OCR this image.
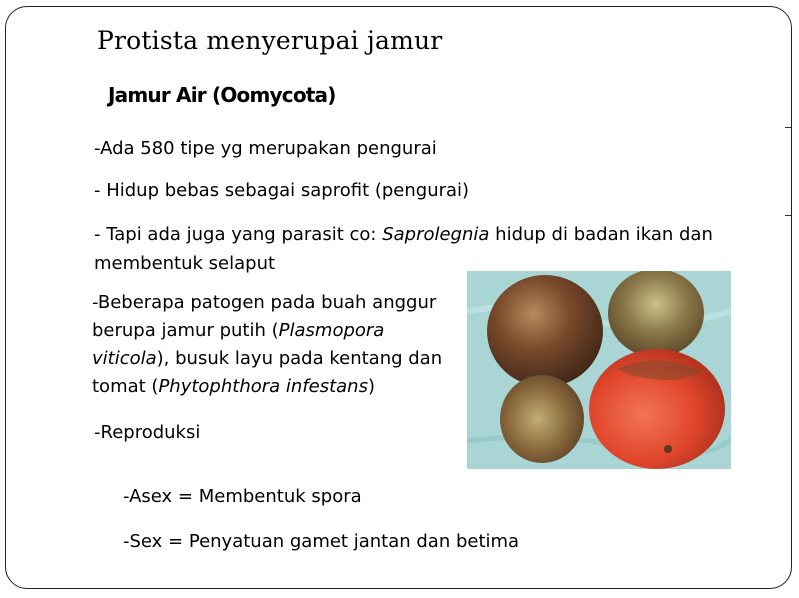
Protista menyerupai jamur
Jamur Air (Oomycota)
-Ada 580 tipe yg merupakan pengurai
- Hidup bebas sebagai saprofit (pengurai)
- Tapi ada juga yang parasit co: Saprolegnia hidup di badan ikan dan
membentuk selaput
-Beberapa patogen pada buah anggur
berupa jamur putih (Plasmopora
viticola), busuk layu pada kentang dan
tomat (Phytophthora infestans)
-Reproduksi
-Asex = Membentuk spora
-Sex = Penyatuan gamet jantan dan betima
